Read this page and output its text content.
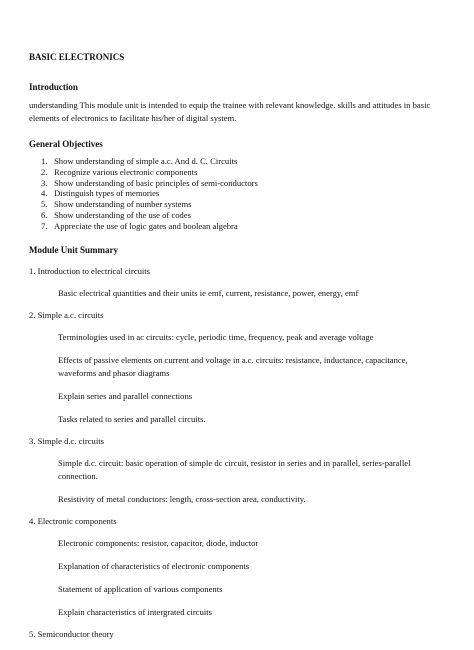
BASIC ELECTRONICS
Introduction

understanding This module unit is intended to equip the trainee with relevant knowledge. skills and attitudes in basic elements of electronics to facilitate his/her of digital system.

General Objectives
1. Show understanding of simple a.c. And d. C. Circuits
2. Recognize various electronic components
3. Show understanding of basic principles of semi-conductors
4. Distinguish types of memories
5. Show understanding of number systems
6. Show understanding of the use of codes
7. Appreciate the use of logic gates and boolean algebra
Module Unit Summary
1. Introduction to electrical circuits
Basic electrical quantities and their units ie emf, current, resistance, power, energy, emf
2. Simple a.c. circuits
Terminologies used in ac circuits: cycle, periodic time, frequency, peak and average voltage
Effects of passive elements on current and voltage in a.c. circuits: resistance, inductance, capacitance, waveforms and phasor diagrams
Explain series and parallel connections
Tasks related to series and parallel circuits.
3. Simple d.c. circuits
Simple d.c. circuit: basic operation of simple dc circuit, resistor in series and in parallel, series-parallel connection.
Resistivity of metal conductors: length, cross-section area, conductivity.
4. Electronic components
Electronic components: resistor, capacitor, diode, inductor
Explanation of characteristics of electronic components
Statement of application of various components
Explain characteristics of intergrated circuits
5. Semiconductor theory
